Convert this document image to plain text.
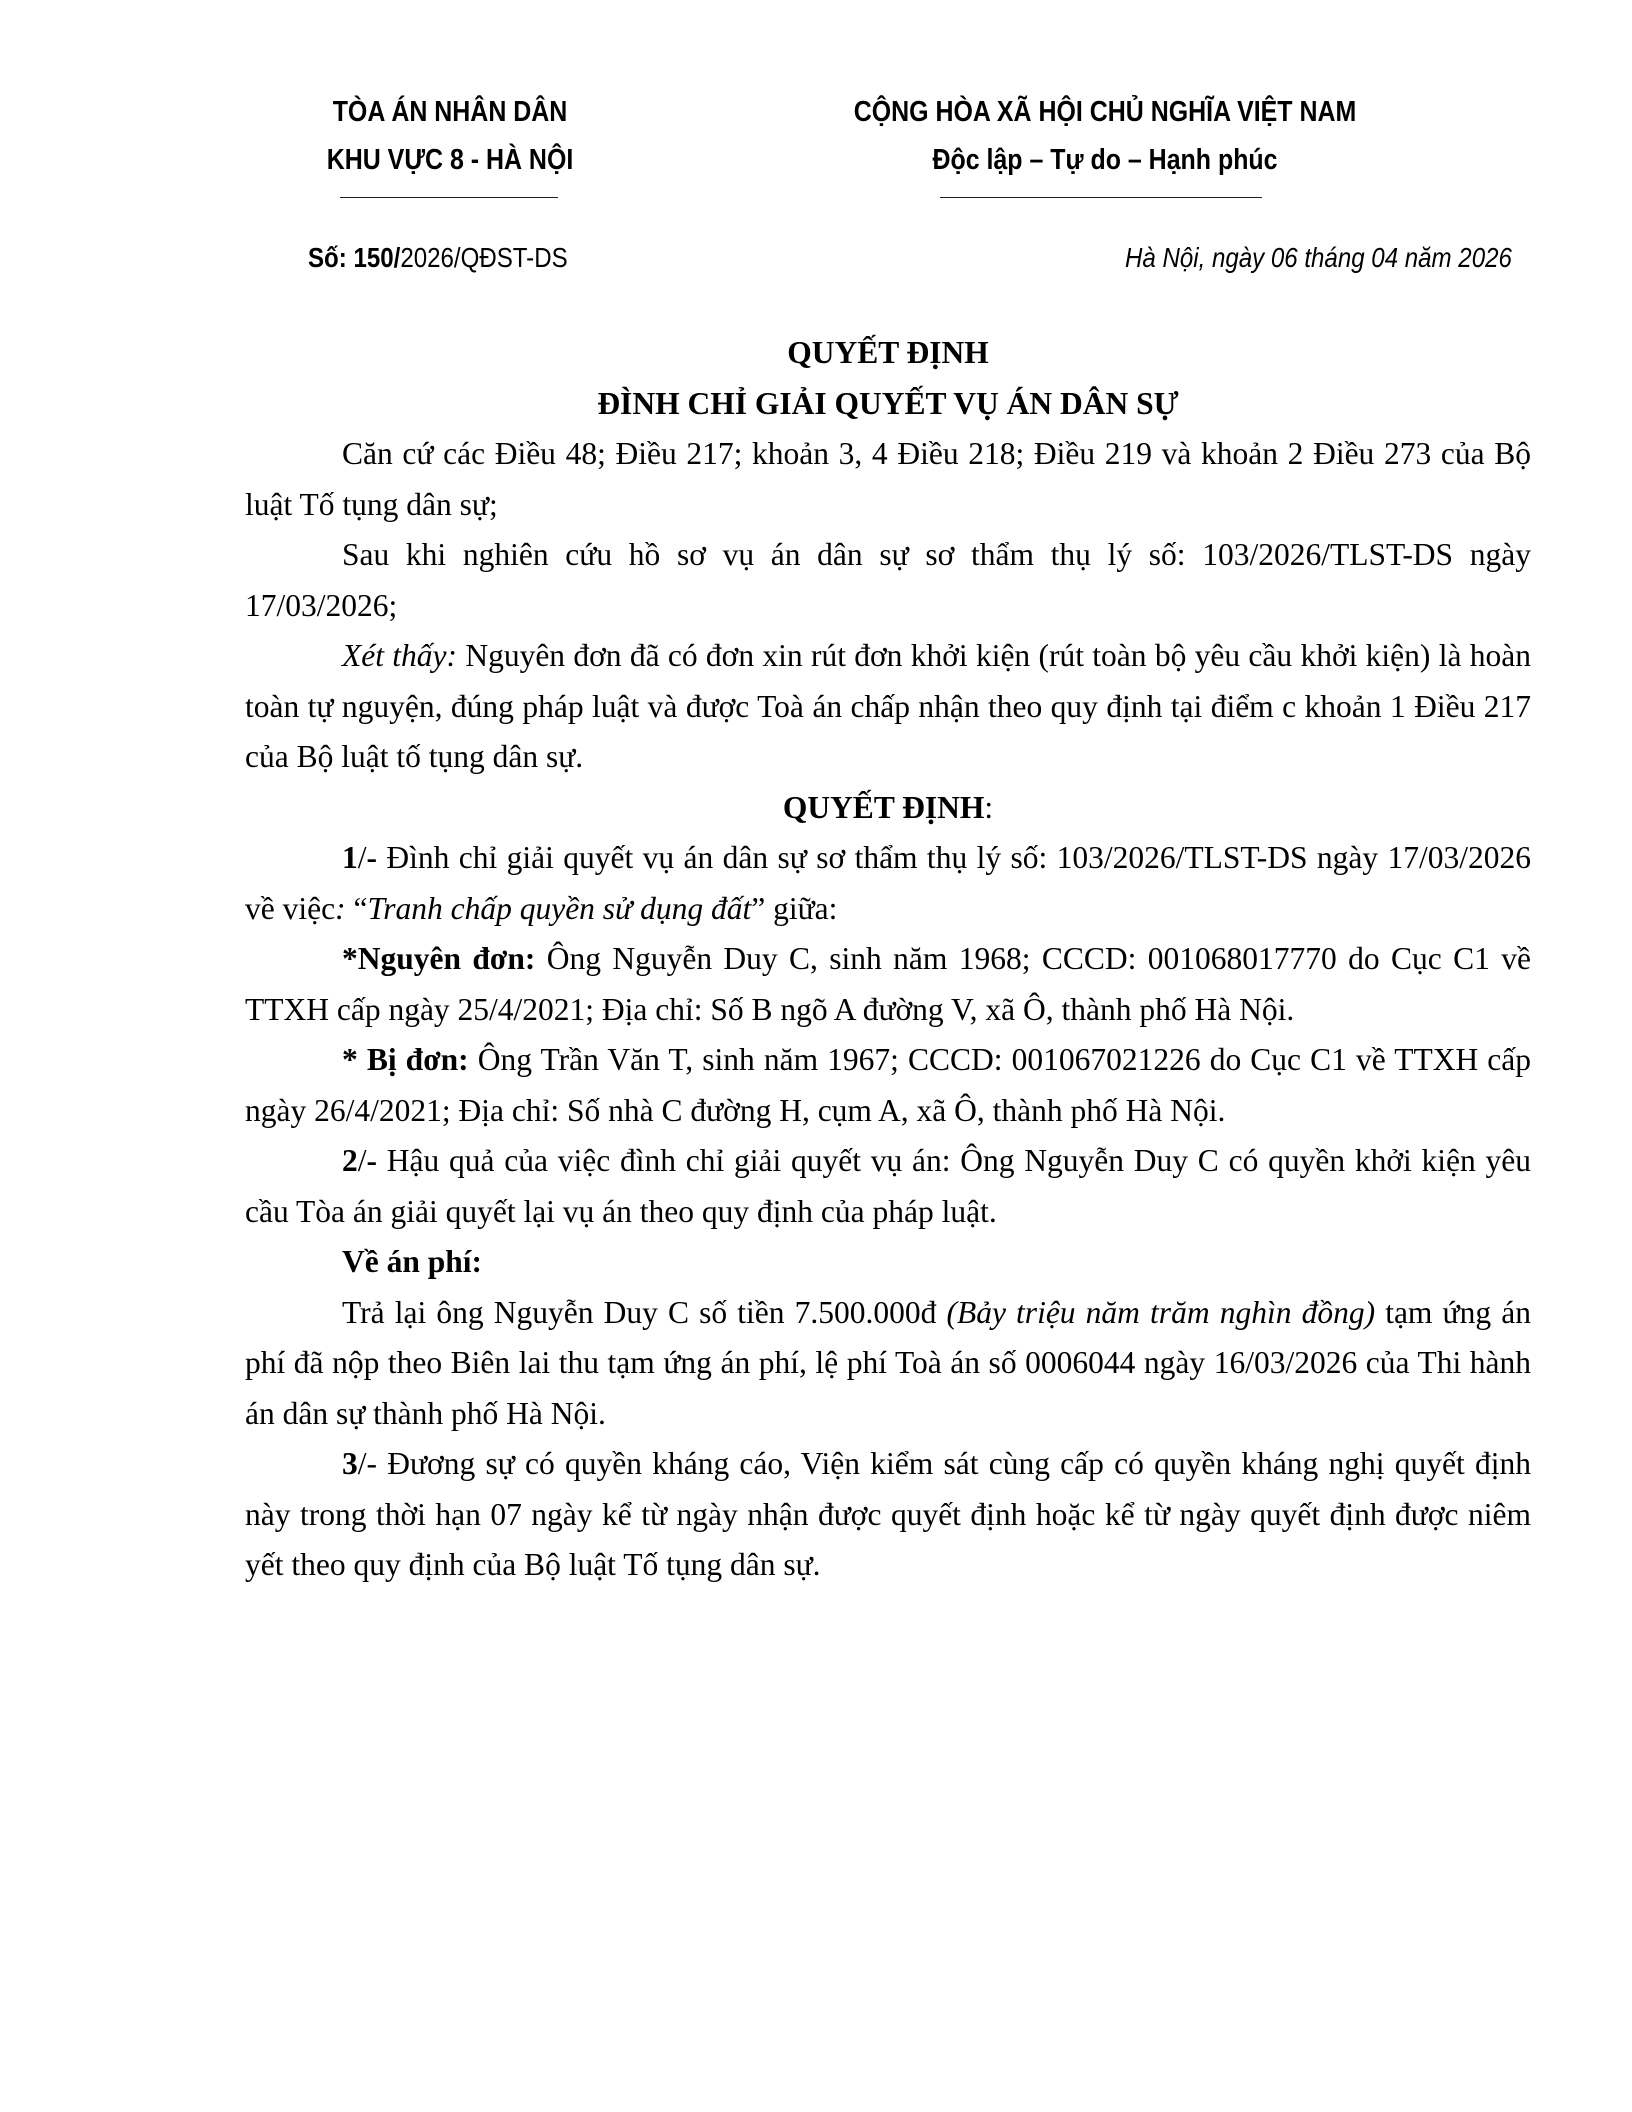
TÒA ÁN NHÂN DÂN
KHU VỰC 8 - HÀ NỘI
CỘNG HÒA XÃ HỘI CHỦ NGHĨA VIỆT NAM
Độc lập – Tự do – Hạnh phúc
Số: 150/2026/QĐST-DS	Hà Nội, ngày 06 tháng 04 năm 2026
QUYẾT ĐỊNH
ĐÌNH CHỈ GIẢI QUYẾT VỤ ÁN DÂN SỰ

Căn cứ các Điều 48; Điều 217; khoản 3, 4 Điều 218; Điều 219 và khoản 2 Điều 273 của Bộ luật Tố tụng dân sự;

Sau khi nghiên cứu hồ sơ vụ án dân sự sơ thẩm thụ lý số: 103/2026/TLST-DS ngày 17/03/2026;

Xét thấy: Nguyên đơn đã có đơn xin rút đơn khởi kiện (rút toàn bộ yêu cầu khởi kiện) là hoàn toàn tự nguyện, đúng pháp luật và được Toà án chấp nhận theo quy định tại điểm c khoản 1 Điều 217 của Bộ luật tố tụng dân sự.

QUYẾT ĐỊNH:

1/- Đình chỉ giải quyết vụ án dân sự sơ thẩm thụ lý số: 103/2026/TLST-DS ngày 17/03/2026 về việc: “Tranh chấp quyền sử dụng đất” giữa:

*Nguyên đơn: Ông Nguyễn Duy C, sinh năm 1968; CCCD: 001068017770 do Cục C1 về TTXH cấp ngày 25/4/2021; Địa chỉ: Số B ngõ A đường V, xã Ô, thành phố Hà Nội.

* Bị đơn: Ông Trần Văn T, sinh năm 1967; CCCD: 001067021226 do Cục C1 về TTXH cấp ngày 26/4/2021; Địa chỉ: Số nhà C đường H, cụm A, xã Ô, thành phố Hà Nội.

2/- Hậu quả của việc đình chỉ giải quyết vụ án: Ông Nguyễn Duy C có quyền khởi kiện yêu cầu Tòa án giải quyết lại vụ án theo quy định của pháp luật.

Về án phí:

Trả lại ông Nguyễn Duy C số tiền 7.500.000đ (Bảy triệu năm trăm nghìn đồng) tạm ứng án phí đã nộp theo Biên lai thu tạm ứng án phí, lệ phí Toà án số 0006044 ngày 16/03/2026 của Thi hành án dân sự thành phố Hà Nội.

3/- Đương sự có quyền kháng cáo, Viện kiểm sát cùng cấp có quyền kháng nghị quyết định này trong thời hạn 07 ngày kể từ ngày nhận được quyết định hoặc kể từ ngày quyết định được niêm yết theo quy định của Bộ luật Tố tụng dân sự.
